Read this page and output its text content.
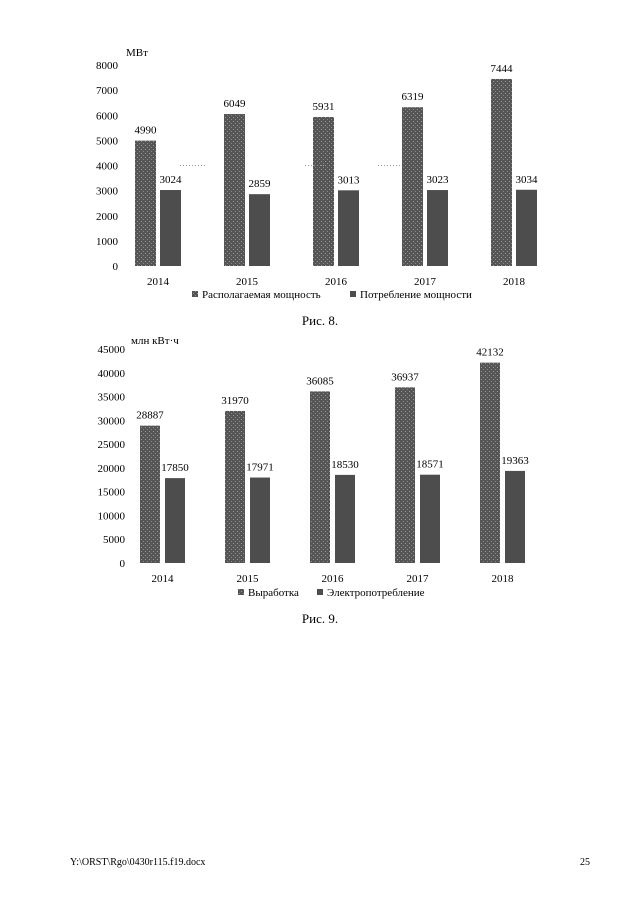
МВт
0
1000
2000
3000
4000
5000
6000
7000
8000
4990
3024
2014
6049
2859
2015
5931
3013
2016
6319
3023
2017
7444
3034
2018
Располагаемая мощность	Потребление мощности
Рис. 8.
млн кВт·ч
0
5000
10000
15000
20000
25000
30000
35000
40000
45000
28887
17850
2014
31970
17971
2015
36085
18530
2016
36937
18571
2017
42132
19363
2018
Выработка	Электропотребление
Рис. 9.
Y:\ORST\Rgo\0430r115.f19.docx	25
